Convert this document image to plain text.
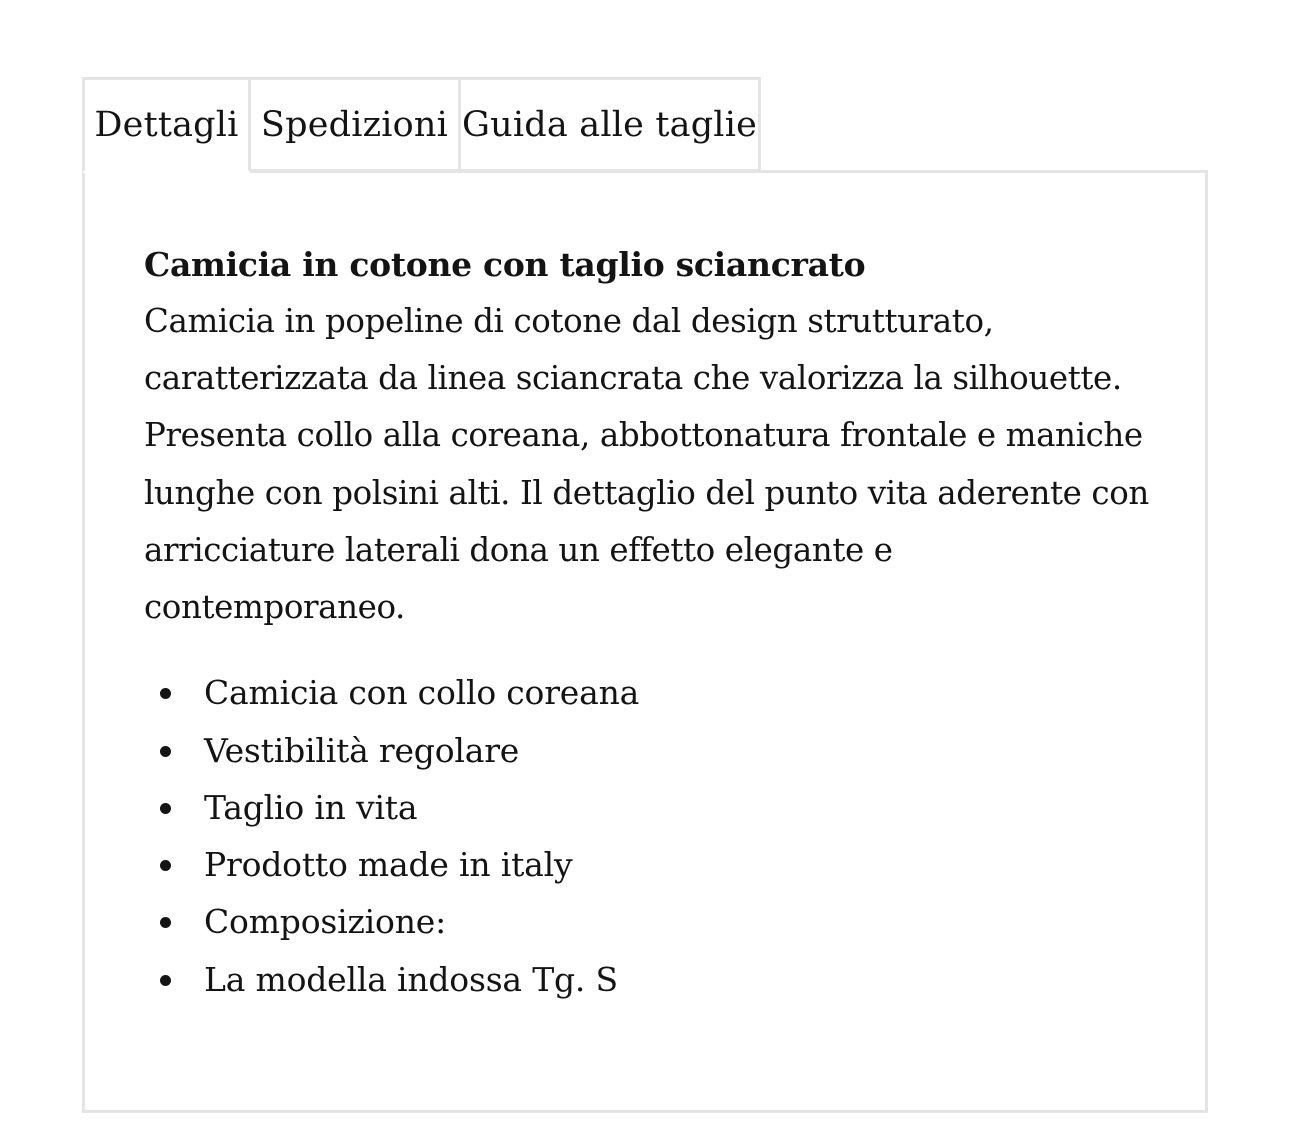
Dettagli Spedizioni Guida alle taglie

Camicia in cotone con taglio sciancrato

Camicia in popeline di cotone dal design strutturato, caratterizzata da linea sciancrata che valorizza la silhouette. Presenta collo alla coreana, abbottonatura frontale e maniche lunghe con polsini alti. Il dettaglio del punto vita aderente con arricciature laterali dona un effetto elegante e contemporaneo.

Camicia con collo coreana
Vestibilità regolare
Taglio in vita
Prodotto made in italy
Composizione:
La modella indossa Tg. S
